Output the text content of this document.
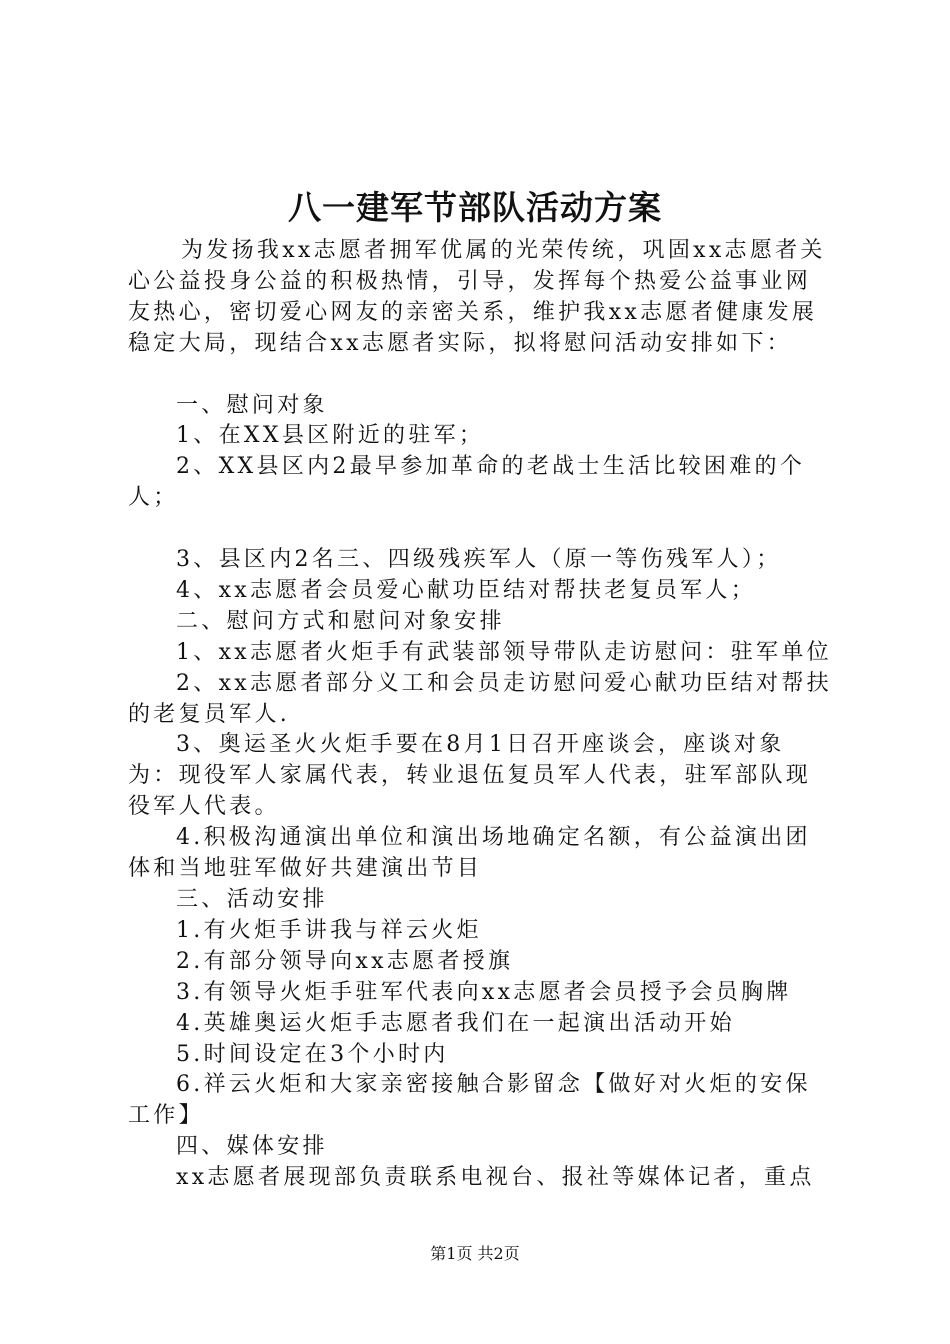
八一建军节部队活动方案

为发扬我xx志愿者拥军优属的光荣传统，巩固xx志愿者关心公益投身公益的积极热情，引导，发挥每个热爱公益事业网友热心，密切爱心网友的亲密关系，维护我xx志愿者健康发展稳定大局，现结合xx志愿者实际，拟将慰问活动安排如下：

一、慰问对象

1、在XX县区附近的驻军；

2、XX县区内2最早参加革命的老战士生活比较困难的个人；

3、县区内2名三、四级残疾军人（原一等伤残军人）；

4、xx志愿者会员爱心献功臣结对帮扶老复员军人；

二、慰问方式和慰问对象安排

1、xx志愿者火炬手有武装部领导带队走访慰问：驻军单位

2、xx志愿者部分义工和会员走访慰问爱心献功臣结对帮扶的老复员军人.

3、奥运圣火火炬手要在8月1日召开座谈会，座谈对象为：现役军人家属代表，转业退伍复员军人代表，驻军部队现役军人代表。

4.积极沟通演出单位和演出场地确定名额，有公益演出团体和当地驻军做好共建演出节目

三、活动安排

1.有火炬手讲我与祥云火炬

2.有部分领导向xx志愿者授旗

3.有领导火炬手驻军代表向xx志愿者会员授予会员胸牌

4.英雄奥运火炬手志愿者我们在一起演出活动开始

5.时间设定在3个小时内

6.祥云火炬和大家亲密接触合影留念【做好对火炬的安保工作】

四、媒体安排

xx志愿者展现部负责联系电视台、报社等媒体记者，重点

第1页 共2页
